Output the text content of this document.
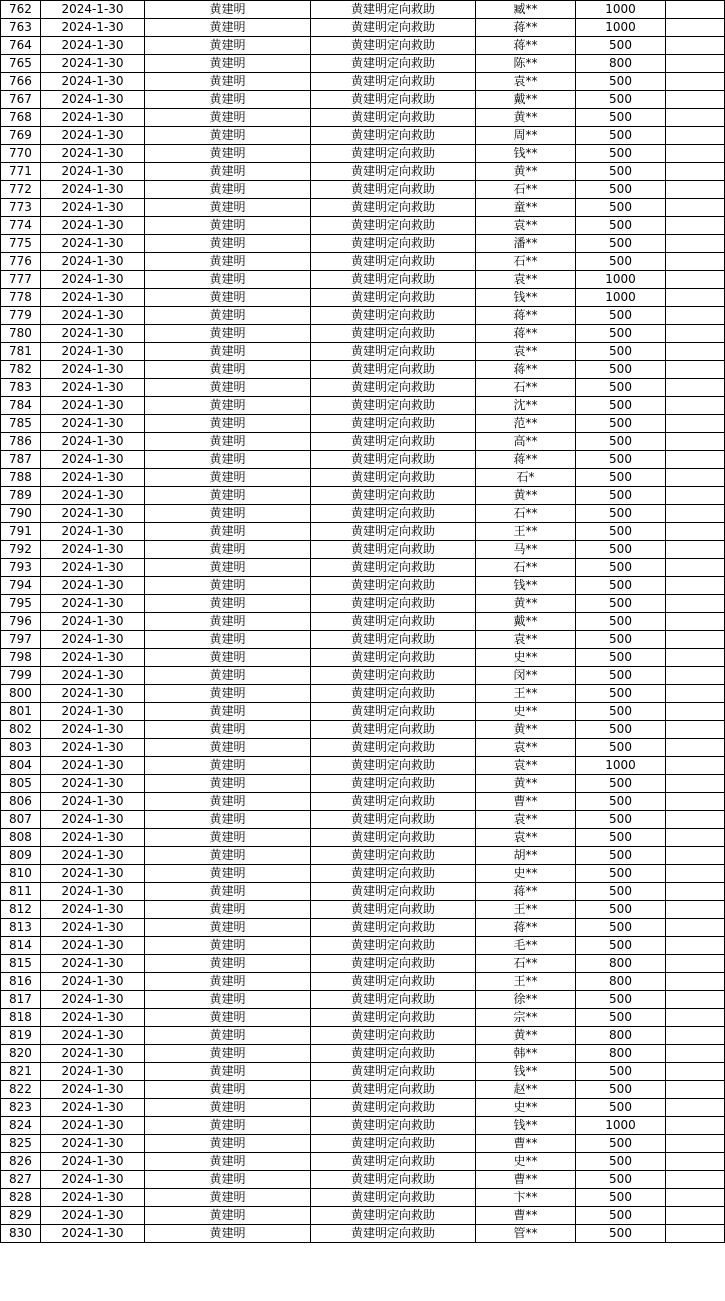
762	2024-1-30	黄建明	黄建明定向救助	臧**	1000	
763	2024-1-30	黄建明	黄建明定向救助	蒋**	1000	
764	2024-1-30	黄建明	黄建明定向救助	蒋**	500	
765	2024-1-30	黄建明	黄建明定向救助	陈**	800	
766	2024-1-30	黄建明	黄建明定向救助	袁**	500	
767	2024-1-30	黄建明	黄建明定向救助	戴**	500	
768	2024-1-30	黄建明	黄建明定向救助	黄**	500	
769	2024-1-30	黄建明	黄建明定向救助	周**	500	
770	2024-1-30	黄建明	黄建明定向救助	钱**	500	
771	2024-1-30	黄建明	黄建明定向救助	黄**	500	
772	2024-1-30	黄建明	黄建明定向救助	石**	500	
773	2024-1-30	黄建明	黄建明定向救助	童**	500	
774	2024-1-30	黄建明	黄建明定向救助	袁**	500	
775	2024-1-30	黄建明	黄建明定向救助	潘**	500	
776	2024-1-30	黄建明	黄建明定向救助	石**	500	
777	2024-1-30	黄建明	黄建明定向救助	袁**	1000	
778	2024-1-30	黄建明	黄建明定向救助	钱**	1000	
779	2024-1-30	黄建明	黄建明定向救助	蒋**	500	
780	2024-1-30	黄建明	黄建明定向救助	蒋**	500	
781	2024-1-30	黄建明	黄建明定向救助	袁**	500	
782	2024-1-30	黄建明	黄建明定向救助	蒋**	500	
783	2024-1-30	黄建明	黄建明定向救助	石**	500	
784	2024-1-30	黄建明	黄建明定向救助	沈**	500	
785	2024-1-30	黄建明	黄建明定向救助	范**	500	
786	2024-1-30	黄建明	黄建明定向救助	高**	500	
787	2024-1-30	黄建明	黄建明定向救助	蒋**	500	
788	2024-1-30	黄建明	黄建明定向救助	石*	500	
789	2024-1-30	黄建明	黄建明定向救助	黄**	500	
790	2024-1-30	黄建明	黄建明定向救助	石**	500	
791	2024-1-30	黄建明	黄建明定向救助	王**	500	
792	2024-1-30	黄建明	黄建明定向救助	马**	500	
793	2024-1-30	黄建明	黄建明定向救助	石**	500	
794	2024-1-30	黄建明	黄建明定向救助	钱**	500	
795	2024-1-30	黄建明	黄建明定向救助	黄**	500	
796	2024-1-30	黄建明	黄建明定向救助	戴**	500	
797	2024-1-30	黄建明	黄建明定向救助	袁**	500	
798	2024-1-30	黄建明	黄建明定向救助	史**	500	
799	2024-1-30	黄建明	黄建明定向救助	闵**	500	
800	2024-1-30	黄建明	黄建明定向救助	王**	500	
801	2024-1-30	黄建明	黄建明定向救助	史**	500	
802	2024-1-30	黄建明	黄建明定向救助	黄**	500	
803	2024-1-30	黄建明	黄建明定向救助	袁**	500	
804	2024-1-30	黄建明	黄建明定向救助	袁**	1000	
805	2024-1-30	黄建明	黄建明定向救助	黄**	500	
806	2024-1-30	黄建明	黄建明定向救助	曹**	500	
807	2024-1-30	黄建明	黄建明定向救助	袁**	500	
808	2024-1-30	黄建明	黄建明定向救助	袁**	500	
809	2024-1-30	黄建明	黄建明定向救助	胡**	500	
810	2024-1-30	黄建明	黄建明定向救助	史**	500	
811	2024-1-30	黄建明	黄建明定向救助	蒋**	500	
812	2024-1-30	黄建明	黄建明定向救助	王**	500	
813	2024-1-30	黄建明	黄建明定向救助	蒋**	500	
814	2024-1-30	黄建明	黄建明定向救助	毛**	500	
815	2024-1-30	黄建明	黄建明定向救助	石**	800	
816	2024-1-30	黄建明	黄建明定向救助	王**	800	
817	2024-1-30	黄建明	黄建明定向救助	徐**	500	
818	2024-1-30	黄建明	黄建明定向救助	宗**	500	
819	2024-1-30	黄建明	黄建明定向救助	黄**	800	
820	2024-1-30	黄建明	黄建明定向救助	韩**	800	
821	2024-1-30	黄建明	黄建明定向救助	钱**	500	
822	2024-1-30	黄建明	黄建明定向救助	赵**	500	
823	2024-1-30	黄建明	黄建明定向救助	史**	500	
824	2024-1-30	黄建明	黄建明定向救助	钱**	1000	
825	2024-1-30	黄建明	黄建明定向救助	曹**	500	
826	2024-1-30	黄建明	黄建明定向救助	史**	500	
827	2024-1-30	黄建明	黄建明定向救助	曹**	500	
828	2024-1-30	黄建明	黄建明定向救助	卞**	500	
829	2024-1-30	黄建明	黄建明定向救助	曹**	500	
830	2024-1-30	黄建明	黄建明定向救助	管**	500	
